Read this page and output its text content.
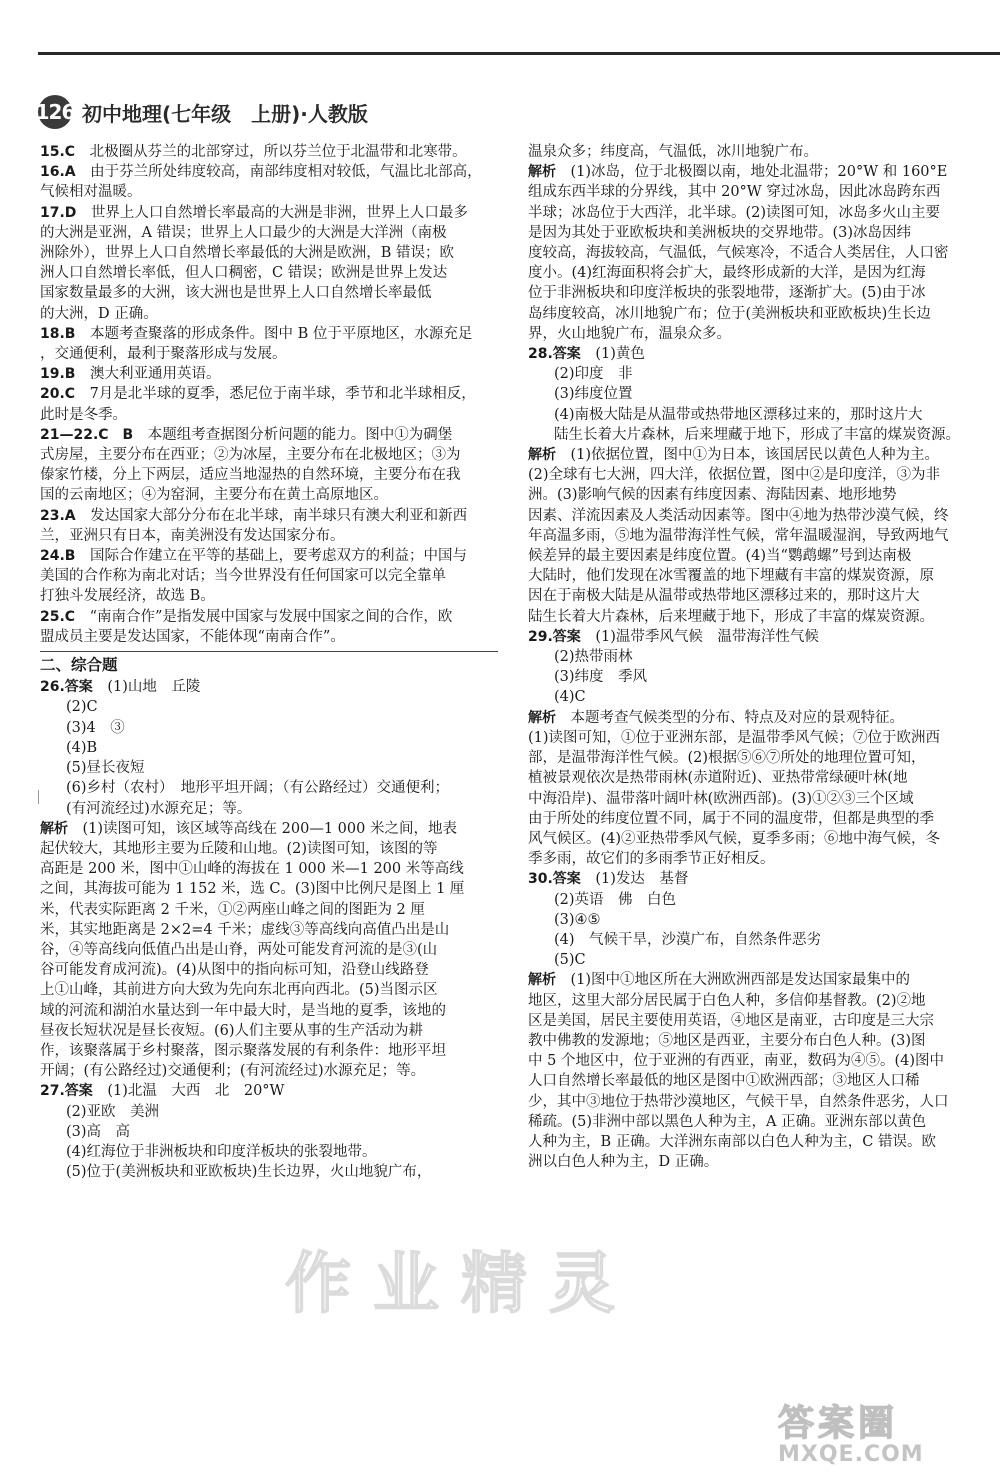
126 初中地理(七年级　上册)·人教版
15.C　 北极圈从芬兰的北部穿过，所以芬兰位于北温带和北寒带。
16.A　 由于芬兰所处纬度较高，南部纬度相对较低，气温比北部高，
气候相对温暖。
17.D　 世界上人口自然增长率最高的大洲是非洲，世界上人口最多
的大洲是亚洲，A 错误；世界上人口最少的大洲是大洋洲（南极
洲除外），世界上人口自然增长率最低的大洲是欧洲，B 错误；欧
洲人口自然增长率低，但人口稠密，C 错误；欧洲是世界上发达
国家数量最多的大洲，该大洲也是世界上人口自然增长率最低
的大洲，D 正确。
18.B　 本题考查聚落的形成条件。图中 B 位于平原地区，水源充足
，交通便利，最利于聚落形成与发展。
19.B　 澳大利亚通用英语。
20.C　 7月是北半球的夏季，悉尼位于南半球，季节和北半球相反，
此时是冬季。
21—22.C　B　 本题组考查据图分析问题的能力。图中①为碉堡
式房屋，主要分布在西亚；②为冰屋，主要分布在北极地区；③为
傣家竹楼，分上下两层，适应当地湿热的自然环境，主要分布在我
国的云南地区；④为窑洞，主要分布在黄土高原地区。
23.A　 发达国家大部分分布在北半球，南半球只有澳大利亚和新西
兰，亚洲只有日本，南美洲没有发达国家分布。
24.B　 国际合作建立在平等的基础上，要考虑双方的利益；中国与
美国的合作称为南北对话；当今世界没有任何国家可以完全靠单
打独斗发展经济，故选 B。
25.C　 “南南合作”是指发展中国家与发展中国家之间的合作，欧
盟成员主要是发达国家，不能体现“南南合作”。
二、综合题
26.答案　 (1)山地　丘陵
(2)C
(3)4　③
(4)B
(5)昼长夜短
(6)乡村（农村）　地形平坦开阔；（有公路经过）交通便利；
(有河流经过)水源充足；等。
解析　 (1)读图可知，该区域等高线在 200—1 000 米之间，地表
起伏较大，其地形主要为丘陵和山地。(2)读图可知，该图的等
高距是 200 米，图中①山峰的海拔在 1 000 米—1 200 米等高线
之间，其海拔可能为 1 152 米，选 C。(3)图中比例尺是图上 1 厘
米，代表实际距离 2 千米，①②两座山峰之间的图距为 2 厘
米，其实地距离是 2×2=4 千米；虚线③等高线向高值凸出是山
谷，④等高线向低值凸出是山脊，两处可能发育河流的是③(山
谷可能发育成河流)。(4)从图中的指向标可知，沿登山线路登
上①山峰，其前进方向大致为先向东北再向西北。(5)当图示区
域的河流和湖泊水量达到一年中最大时，是当地的夏季，该地的
昼夜长短状况是昼长夜短。(6)人们主要从事的生产活动为耕
作，该聚落属于乡村聚落，图示聚落发展的有利条件：地形平坦
开阔；(有公路经过)交通便利；(有河流经过)水源充足；等。
27.答案　 (1)北温　大西　北　20°W
(2)亚欧　美洲
(3)高　高
(4)红海位于非洲板块和印度洋板块的张裂地带。
(5)位于(美洲板块和亚欧板块)生长边界，火山地貌广布，
温泉众多；纬度高，气温低，冰川地貌广布。
解析　 (1)冰岛，位于北极圈以南，地处北温带；20°W 和 160°E
组成东西半球的分界线，其中 20°W 穿过冰岛，因此冰岛跨东西
半球；冰岛位于大西洋，北半球。(2)读图可知，冰岛多火山主要
是因为其处于亚欧板块和美洲板块的交界地带。(3)冰岛因纬
度较高，海拔较高，气温低，气候寒冷，不适合人类居住，人口密
度小。(4)红海面积将会扩大，最终形成新的大洋，是因为红海
位于非洲板块和印度洋板块的张裂地带，逐渐扩大。(5)由于冰
岛纬度较高，冰川地貌广布；位于(美洲板块和亚欧板块)生长边
界，火山地貌广布，温泉众多。
28.答案　 (1)黄色
(2)印度　非
(3)纬度位置
(4)南极大陆是从温带或热带地区漂移过来的，那时这片大
陆生长着大片森林，后来埋藏于地下，形成了丰富的煤炭资源。
解析　 (1)依据位置，图中①为日本，该国居民以黄色人种为主。
(2)全球有七大洲，四大洋，依据位置，图中②是印度洋，③为非
洲。(3)影响气候的因素有纬度因素、海陆因素、地形地势
因素、洋流因素及人类活动因素等。图中④地为热带沙漠气候，终
年高温多雨，⑤地为温带海洋性气候，常年温暖湿润，导致两地气
候差异的最主要因素是纬度位置。(4)当“鹦鹉螺”号到达南极
大陆时，他们发现在冰雪覆盖的地下埋藏有丰富的煤炭资源，原
因在于南极大陆是从温带或热带地区漂移过来的，那时这片大
陆生长着大片森林，后来埋藏于地下，形成了丰富的煤炭资源。
29.答案　 (1)温带季风气候　温带海洋性气候
(2)热带雨林
(3)纬度　季风
(4)C
解析　 本题考查气候类型的分布、特点及对应的景观特征。
(1)读图可知，①位于亚洲东部，是温带季风气候；⑦位于欧洲西
部，是温带海洋性气候。(2)根据⑤⑥⑦所处的地理位置可知，
植被景观依次是热带雨林(赤道附近)、亚热带常绿硬叶林(地
中海沿岸)、温带落叶阔叶林(欧洲西部)。(3)①②③三个区域
由于所处的纬度位置不同，属于不同的温度带，但都是典型的季
风气候区。(4)②亚热带季风气候，夏季多雨；⑥地中海气候，冬
季多雨，故它们的多雨季节正好相反。
30.答案　 (1)发达　基督
(2)英语　佛　白色
(3)④⑤
(4)　气候干旱，沙漠广布，自然条件恶劣
(5)C
解析　 (1)图中①地区所在大洲欧洲西部是发达国家最集中的
地区，这里大部分居民属于白色人种，多信仰基督教。(2)②地
区是美国，居民主要使用英语，④地区是南亚，古印度是三大宗
教中佛教的发源地；⑤地区是西亚，主要分布白色人种。(3)图
中 5 个地区中，位于亚洲的有西亚，南亚，数码为④⑤。(4)图中
人口自然增长率最低的地区是图中①欧洲西部；③地区人口稀
少，其中③地位于热带沙漠地区，气候干旱，自然条件恶劣，人口
稀疏。(5)非洲中部以黑色人种为主，A 正确。亚洲东部以黄色
人种为主，B 正确。大洋洲东南部以白色人种为主，C 错误。欧
洲以白色人种为主，D 正确。
作业精灵
答案圈
MXQE.COM
